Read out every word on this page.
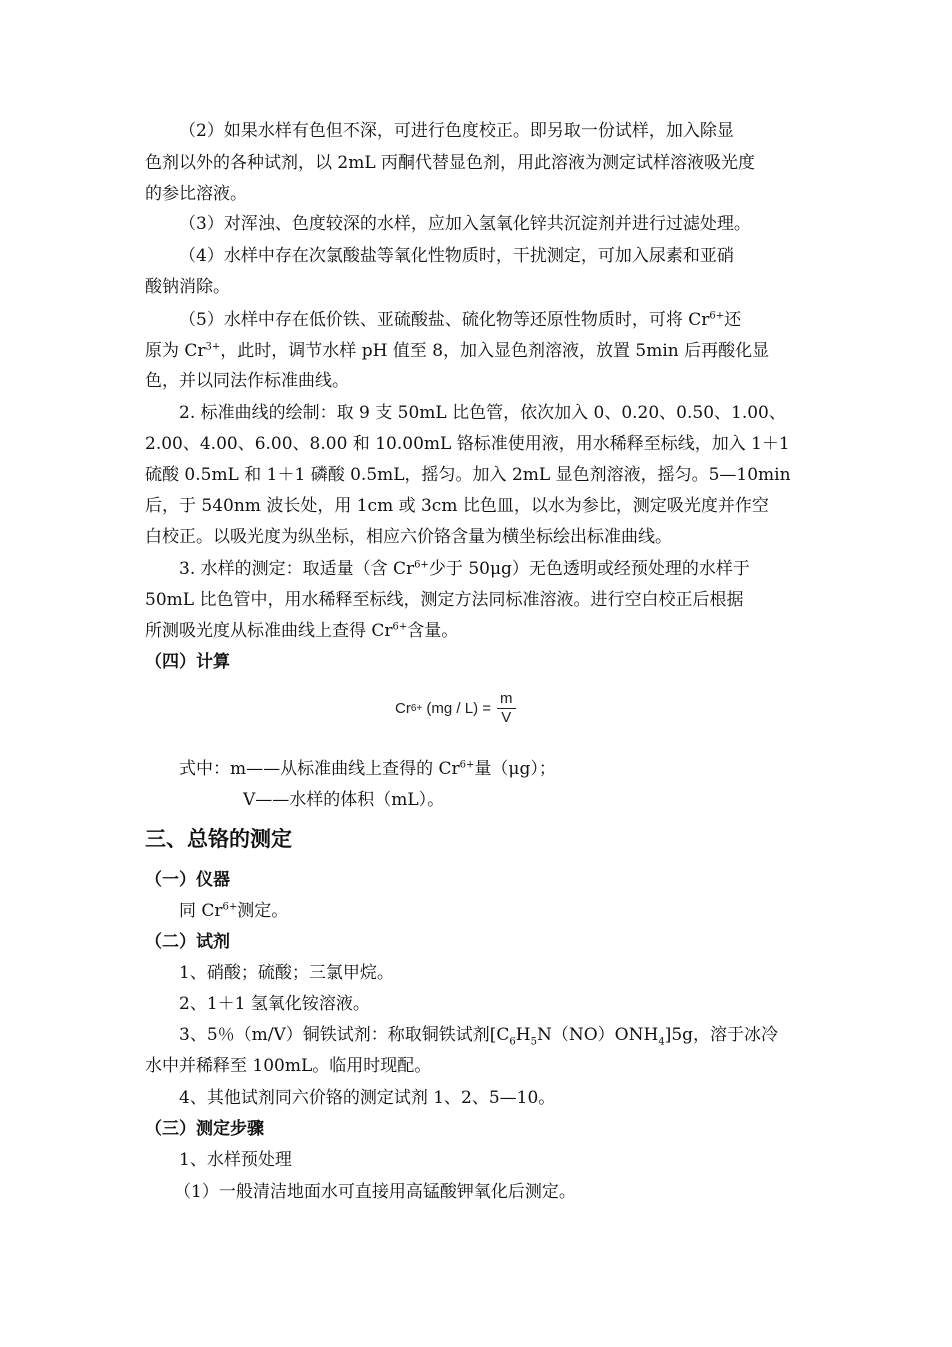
（2）如果水样有色但不深，可进行色度校正。即另取一份试样，加入除显
色剂以外的各种试剂，以 2mL 丙酮代替显色剂，用此溶液为测定试样溶液吸光度
的参比溶液。
（3）对浑浊、色度较深的水样，应加入氢氧化锌共沉淀剂并进行过滤处理。
（4）水样中存在次氯酸盐等氧化性物质时，干扰测定，可加入尿素和亚硝
酸钠消除。
（5）水样中存在低价铁、亚硫酸盐、硫化物等还原性物质时，可将 $Cr^{6+}$还
原为 $Cr^{3+}$，此时，调节水样 pH 值至 8，加入显色剂溶液，放置 5min 后再酸化显
色，并以同法作标准曲线。
2. 标准曲线的绘制：取 9 支 50mL 比色管，依次加入 0、0.20、0.50、1.00、
2.00、4.00、6.00、8.00 和 10.00mL 铬标准使用液，用水稀释至标线，加入 1＋1
硫酸 0.5mL 和 1＋1 磷酸 0.5mL，摇匀。加入 2mL 显色剂溶液，摇匀。5—10min
后，于 540nm 波长处，用 1cm 或 3cm 比色皿，以水为参比，测定吸光度并作空
白校正。以吸光度为纵坐标，相应六价铬含量为横坐标绘出标准曲线。
3. 水样的测定：取适量（含 $Cr^{6+}$少于 50μg）无色透明或经预处理的水样于
50mL 比色管中，用水稀释至标线，测定方法同标准溶液。进行空白校正后根据
所测吸光度从标准曲线上查得 $Cr^{6+}$含量。
（四）计算
Cr 6+
$(mg / L) = \frac{m}{V}$
式中：m——从标准曲线上查得的 $Cr^{6+}$量（μg）；
V——水样的体积（mL）。
三、总铬的测定
（一）仪器
同 $Cr^{6+}$测定。
（二）试剂
1、硝酸；硫酸；三氯甲烷。
2、1＋1 氢氧化铵溶液。
3、5％（m/V）铜铁试剂：称取铜铁试剂$[C_6H_5N(NO)ONH_4]5g$，溶于冰冷
水中并稀释至 100mL。临用时现配。
4、其他试剂同六价铬的测定试剂 1、2、5—10。
（三）测定步骤
1、水样预处理
（1）一般清洁地面水可直接用高锰酸钾氧化后测定。
